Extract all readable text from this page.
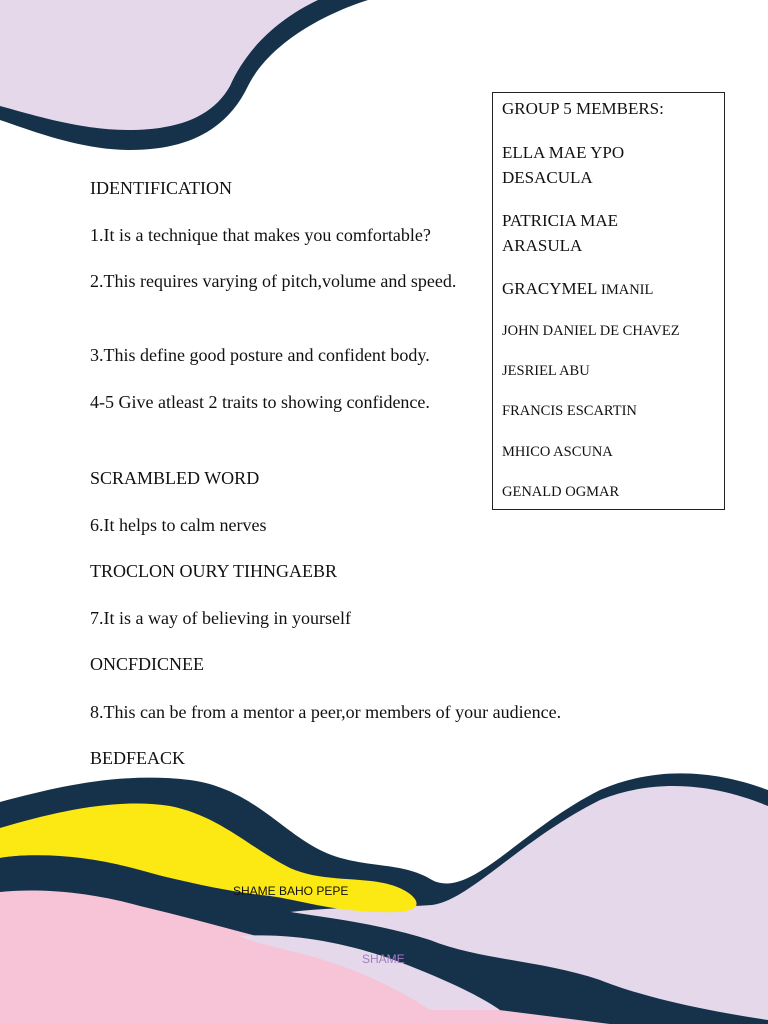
IDENTIFICATION

1.It is a technique that makes you comfortable?

2.This requires varying of pitch,volume and speed.

3.This define good posture and confident body.

4-5 Give atleast 2 traits to showing confidence.

SCRAMBLED WORD

6.It helps to calm nerves

TROCLON OURY TIHNGAEBR

7.It is a way of believing in yourself

ONCFDICNEE

8.This can be from a mentor a peer,or members of your audience.

BEDFEACK

GROUP 5 MEMBERS:

ELLA MAE YPO DESACULA

PATRICIA MAE ARASULA

GRACYMEL IMANIL

JOHN DANIEL DE CHAVEZ

JESRIEL ABU

FRANCIS ESCARTIN

MHICO ASCUNA

GENALD OGMAR

SHAME BAHO PEPE
SHAME
